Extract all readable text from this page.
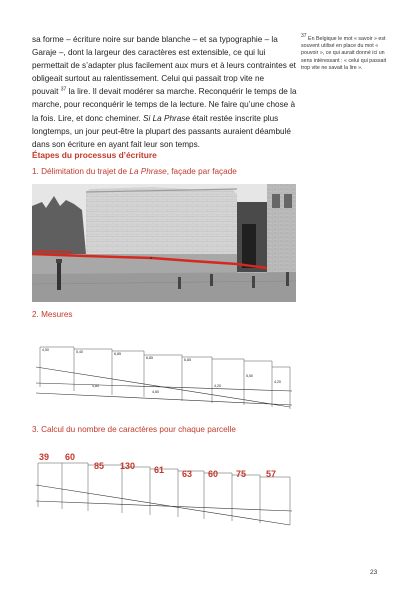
sa forme – écriture noire sur bande blanche – et sa typographie – la Garaje –, dont la largeur des caractères est extensible, ce qui lui permettait de s’adapter plus facilement aux murs et à leurs contraintes et obligeait surtout au ralentissement. Celui qui passait trop vite ne pouvait $^{37}$ la lire. Il devait modérer sa marche. Reconquérir le temps de la marche, pour reconquérir le temps de la lecture. Ne faire qu’une chose à la fois. Lire, et donc cheminer. Si La Phrase était restée inscrite plus longtemps, un jour peut-être la plupart des passants auraient déambulé dans son écriture en ayant fait leur son temps.

$^{37}$ En Belgique le mot « savoir » est souvent utilisé en place du mot « pouvoir », ce qui aurait donné ici un sens intéressant : « celui qui passait trop vite ne savait la lire ».
Étapes du processus d’écriture

1. Délimitation du trajet de La Phrase, façade par façade

2. Mesures

4,50	5,40	6,85
6,85	6,85
4,20
5,50
4,20
4,80
4,60

3. Calcul du nombre de caractères pour chaque parcelle

39 60
85 130 61 63 60 75 57
23
